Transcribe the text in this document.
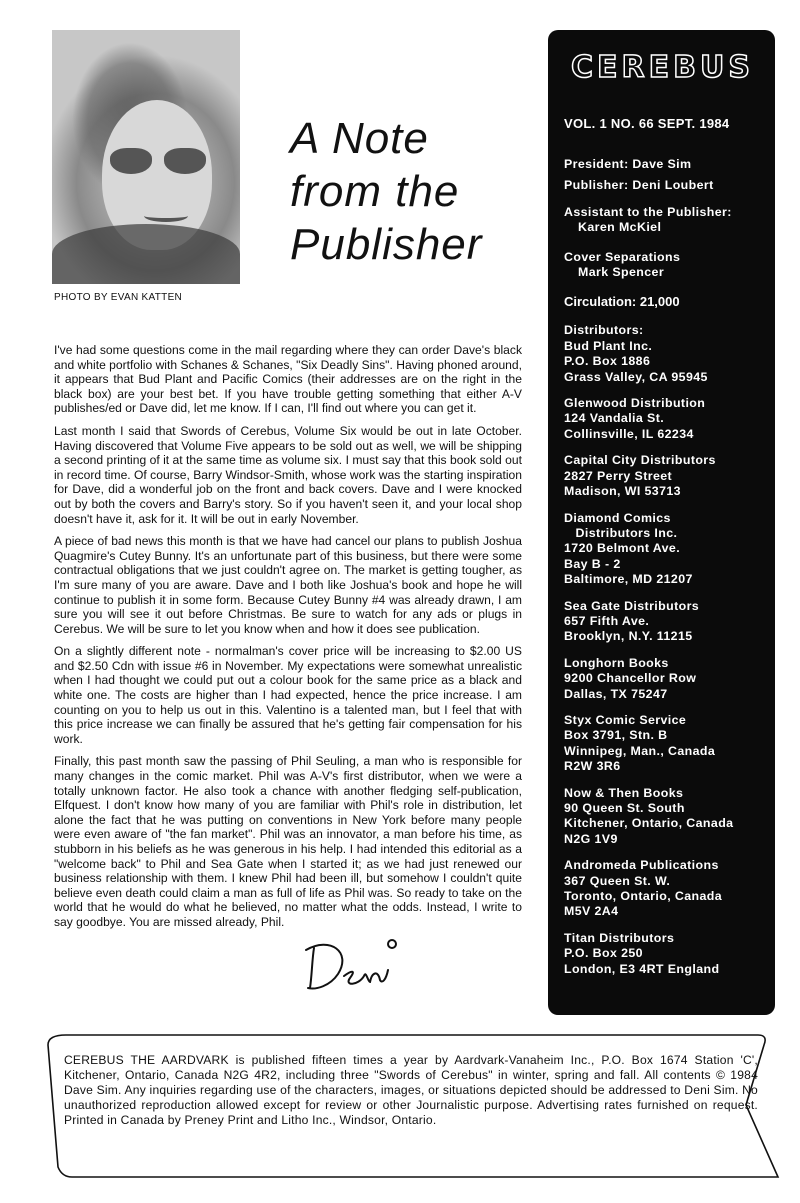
PHOTO BY EVAN KATTEN
A Note
from the
Publisher

I've had some questions come in the mail regarding where they can order Dave's black and white portfolio with Schanes & Schanes, "Six Deadly Sins". Having phoned around, it appears that Bud Plant and Pacific Comics (their addresses are on the right in the black box) are your best bet. If you have trouble getting something that either A-V publishes/ed or Dave did, let me know. If I can, I'll find out where you can get it.

Last month I said that Swords of Cerebus, Volume Six would be out in late October. Having discovered that Volume Five appears to be sold out as well, we will be shipping a second printing of it at the same time as volume six. I must say that this book sold out in record time. Of course, Barry Windsor-Smith, whose work was the starting inspiration for Dave, did a wonderful job on the front and back covers. Dave and I were knocked out by both the covers and Barry's story. So if you haven't seen it, and your local shop doesn't have it, ask for it. It will be out in early November.

A piece of bad news this month is that we have had cancel our plans to publish Joshua Quagmire's Cutey Bunny. It's an unfortunate part of this business, but there were some contractual obligations that we just couldn't agree on. The market is getting tougher, as I'm sure many of you are aware. Dave and I both like Joshua's book and hope he will continue to publish it in some form. Because Cutey Bunny #4 was already drawn, I am sure you will see it out before Christmas. Be sure to watch for any ads or plugs in Cerebus. We will be sure to let you know when and how it does see publication.

On a slightly different note - normalman's cover price will be increasing to $2.00 US and $2.50 Cdn with issue #6 in November. My expectations were somewhat unrealistic when I had thought we could put out a colour book for the same price as a black and white one. The costs are higher than I had expected, hence the price increase. I am counting on you to help us out in this. Valentino is a talented man, but I feel that with this price increase we can finally be assured that he's getting fair compensation for his work.

Finally, this past month saw the passing of Phil Seuling, a man who is responsible for many changes in the comic market. Phil was A-V's first distributor, when we were a totally unknown factor. He also took a chance with another fledging self-publication, Elfquest. I don't know how many of you are familiar with Phil's role in distribution, let alone the fact that he was putting on conventions in New York before many people were even aware of "the fan market". Phil was an innovator, a man before his time, as stubborn in his beliefs as he was generous in his help. I had intended this editorial as a "welcome back" to Phil and Sea Gate when I started it; as we had just renewed our business relationship with them. I knew Phil had been ill, but somehow I couldn't quite believe even death could claim a man as full of life as Phil was. So ready to take on the world that he would do what he believed, no matter what the odds. Instead, I write to say goodbye. You are missed already, Phil.

CEREBUS
VOL. 1 NO. 66 SEPT. 1984
President: Dave Sim
Publisher: Deni Loubert
Assistant to the Publisher:
Karen McKiel
Cover Separations
Mark Spencer
Circulation: 21,000
Distributors:
Bud Plant Inc.
P.O. Box 1886
Grass Valley, CA 95945
Glenwood Distribution
124 Vandalia St.
Collinsville, IL 62234
Capital City Distributors
2827 Perry Street
Madison, WI 53713
Diamond Comics
Distributors Inc.
1720 Belmont Ave.
Bay B - 2
Baltimore, MD 21207
Sea Gate Distributors
657 Fifth Ave.
Brooklyn, N.Y. 11215
Longhorn Books
9200 Chancellor Row
Dallas, TX 75247
Styx Comic Service
Box 3791, Stn. B
Winnipeg, Man., Canada
R2W 3R6
Now & Then Books
90 Queen St. South
Kitchener, Ontario, Canada
N2G 1V9
Andromeda Publications
367 Queen St. W.
Toronto, Ontario, Canada
M5V 2A4
Titan Distributors
P.O. Box 250
London, E3 4RT England
CEREBUS THE AARDVARK is published fifteen times a year by Aardvark-Vanaheim Inc., P.O. Box 1674 Station 'C', Kitchener, Ontario, Canada N2G 4R2, including three "Swords of Cerebus" in winter, spring and fall. All contents © 1984 Dave Sim. Any inquiries regarding use of the characters, images, or situations depicted should be addressed to Deni Sim. No unauthorized reproduction allowed except for review or other Journalistic purpose. Advertising rates furnished on request. Printed in Canada by Preney Print and Litho Inc., Windsor, Ontario.
